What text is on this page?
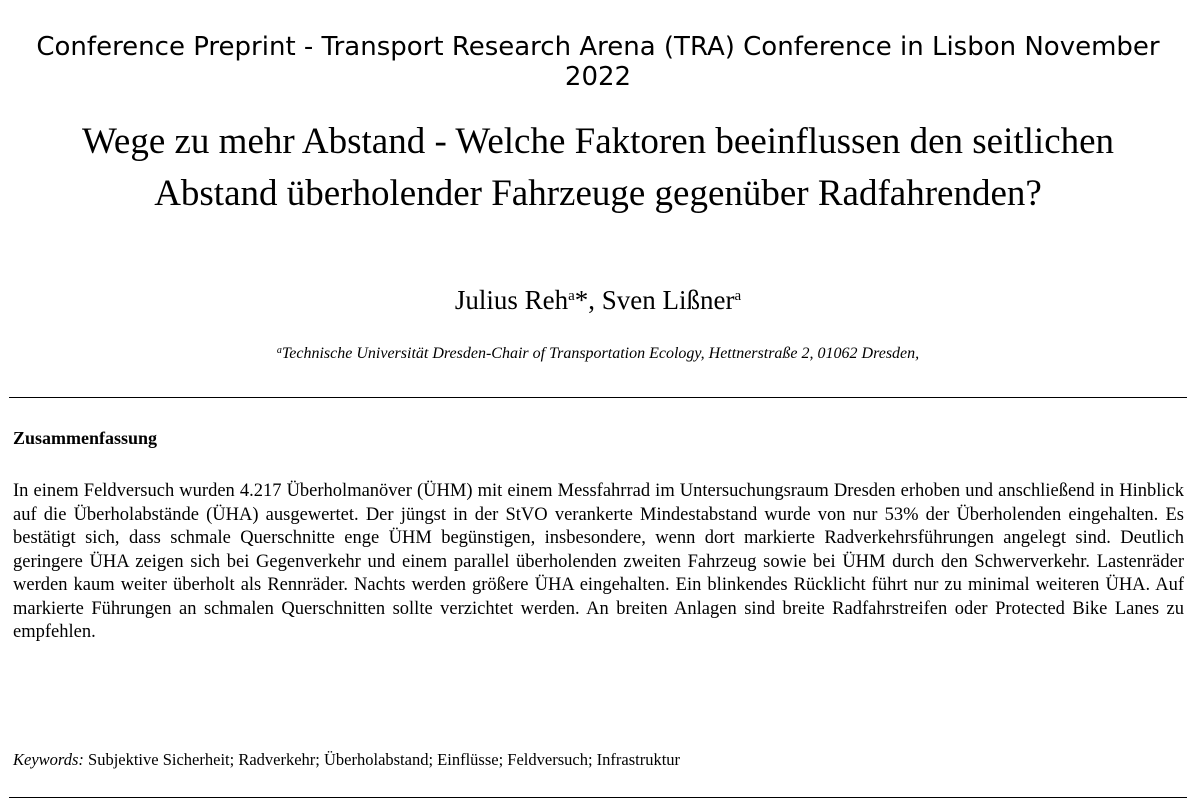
Conference Preprint - Transport Research Arena (TRA) Conference in Lisbon November 2022
Wege zu mehr Abstand - Welche Faktoren beeinflussen den seitlichen Abstand überholender Fahrzeuge gegenüber Radfahrenden?
Julius Reh$^a$*, Sven Lißner$^a$
$^a$Technische Universität Dresden-Chair of Transportation Ecology, Hettnerstraße 2, 01062 Dresden,
Zusammenfassung
In einem Feldversuch wurden 4.217 Überholmanöver (ÜHM) mit einem Messfahrrad im Untersuchungsraum Dresden erhoben und anschließend in Hinblick auf die Überholabstände (ÜHA) ausgewertet. Der jüngst in der StVO verankerte Mindestabstand wurde von nur 53% der Überholenden eingehalten. Es bestätigt sich, dass schmale Querschnitte enge ÜHM begünstigen, insbesondere, wenn dort markierte Radverkehrsführungen angelegt sind. Deutlich geringere ÜHA zeigen sich bei Gegenverkehr und einem parallel überholenden zweiten Fahrzeug sowie bei ÜHM durch den Schwerverkehr. Lastenräder werden kaum weiter überholt als Rennräder. Nachts werden größere ÜHA eingehalten. Ein blinkendes Rücklicht führt nur zu minimal weiteren ÜHA. Auf markierte Führungen an schmalen Querschnitten sollte verzichtet werden. An breiten Anlagen sind breite Radfahrstreifen oder Protected Bike Lanes zu empfehlen.
Keywords: Subjektive Sicherheit; Radverkehr; Überholabstand; Einflüsse; Feldversuch; Infrastruktur
